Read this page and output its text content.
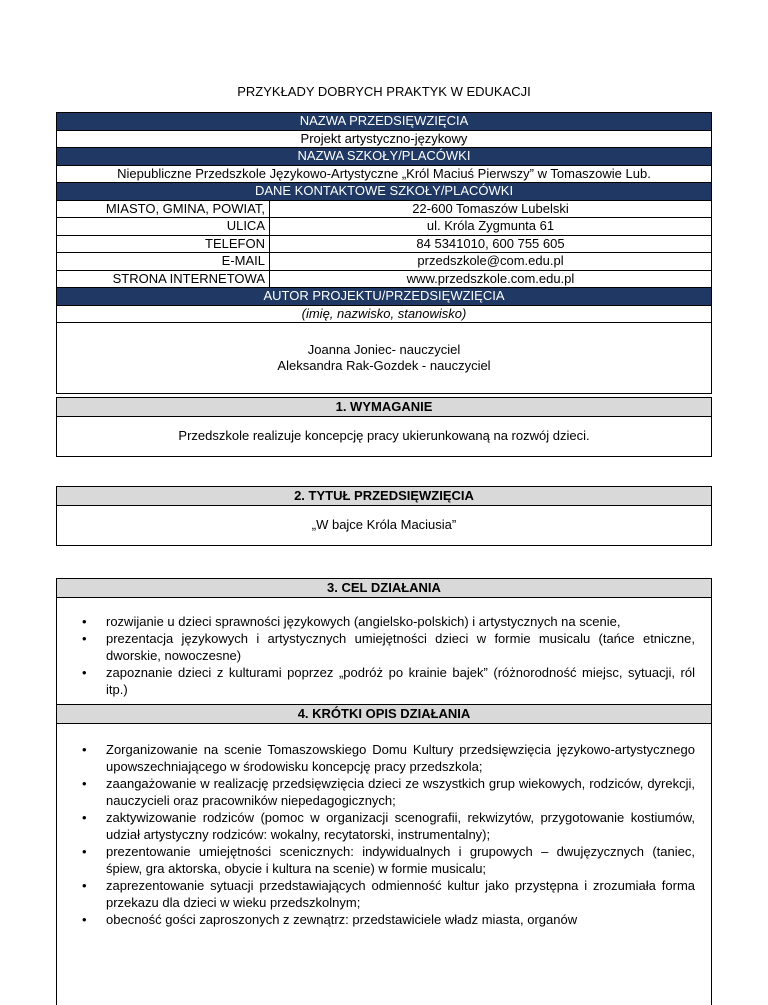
PRZYKŁADY DOBRYCH PRAKTYK W EDUKACJI
NAZWA PRZEDSIĘWZIĘCIA	
Projekt artystyczno-językowy	
NAZWA SZKOŁY/PLACÓWKI	
Niepubliczne Przedszkole Językowo-Artystyczne „Król Maciuś Pierwszy” w Tomaszowie Lub.	
DANE KONTAKTOWE SZKOŁY/PLACÓWKI	
MIASTO, GMINA, POWIAT,	22-600 Tomaszów Lubelski
ULICA	ul. Króla Zygmunta 61
TELEFON	84 5341010, 600 755 605
E-MAIL	przedszkole@com.edu.pl
STRONA INTERNETOWA	www.przedszkole.com.edu.pl
AUTOR PROJEKTU/PRZEDSIĘWZIĘCIA	
(imię, nazwisko, stanowisko)	

Joanna Joniec- nauczyciel
Aleksandra Rak-Gozdek - nauczyciel	
1. WYMAGANIE
Przedszkole realizuje koncepcję pracy ukierunkowaną na rozwój dzieci.
2. TYTUŁ PRZEDSIĘWZIĘCIA
„W bajce Króla Maciusia”
3. CEL DZIAŁANIA
• rozwijanie u dzieci sprawności językowych (angielsko-polskich) i artystycznych na scenie,
• prezentacja językowych i artystycznych umiejętności dzieci w formie musicalu (tańce etniczne, dworskie, nowoczesne)
• zapoznanie dzieci z kulturami poprzez „podróż po krainie bajek” (różnorodność miejsc, sytuacji, ról itp.)
4. KRÓTKI OPIS DZIAŁANIA
• Zorganizowanie na scenie Tomaszowskiego Domu Kultury przedsięwzięcia językowo-artystycznego upowszechniającego w środowisku koncepcję pracy przedszkola;
• zaangażowanie w realizację przedsięwzięcia dzieci ze wszystkich grup wiekowych, rodziców, dyrekcji, nauczycieli oraz pracowników niepedagogicznych;
• zaktywizowanie rodziców (pomoc w organizacji scenografii, rekwizytów, przygotowanie kostiumów, udział artystyczny rodziców: wokalny, recytatorski, instrumentalny);
• prezentowanie umiejętności scenicznych: indywidualnych i grupowych – dwujęzycznych (taniec, śpiew, gra aktorska, obycie i kultura na scenie) w formie musicalu;
• zaprezentowanie sytuacji przedstawiających odmienność kultur jako przystępna i zrozumiała forma przekazu dla dzieci w wieku przedszkolnym;
• obecność gości zaproszonych z zewnątrz: przedstawiciele władz miasta, organów
